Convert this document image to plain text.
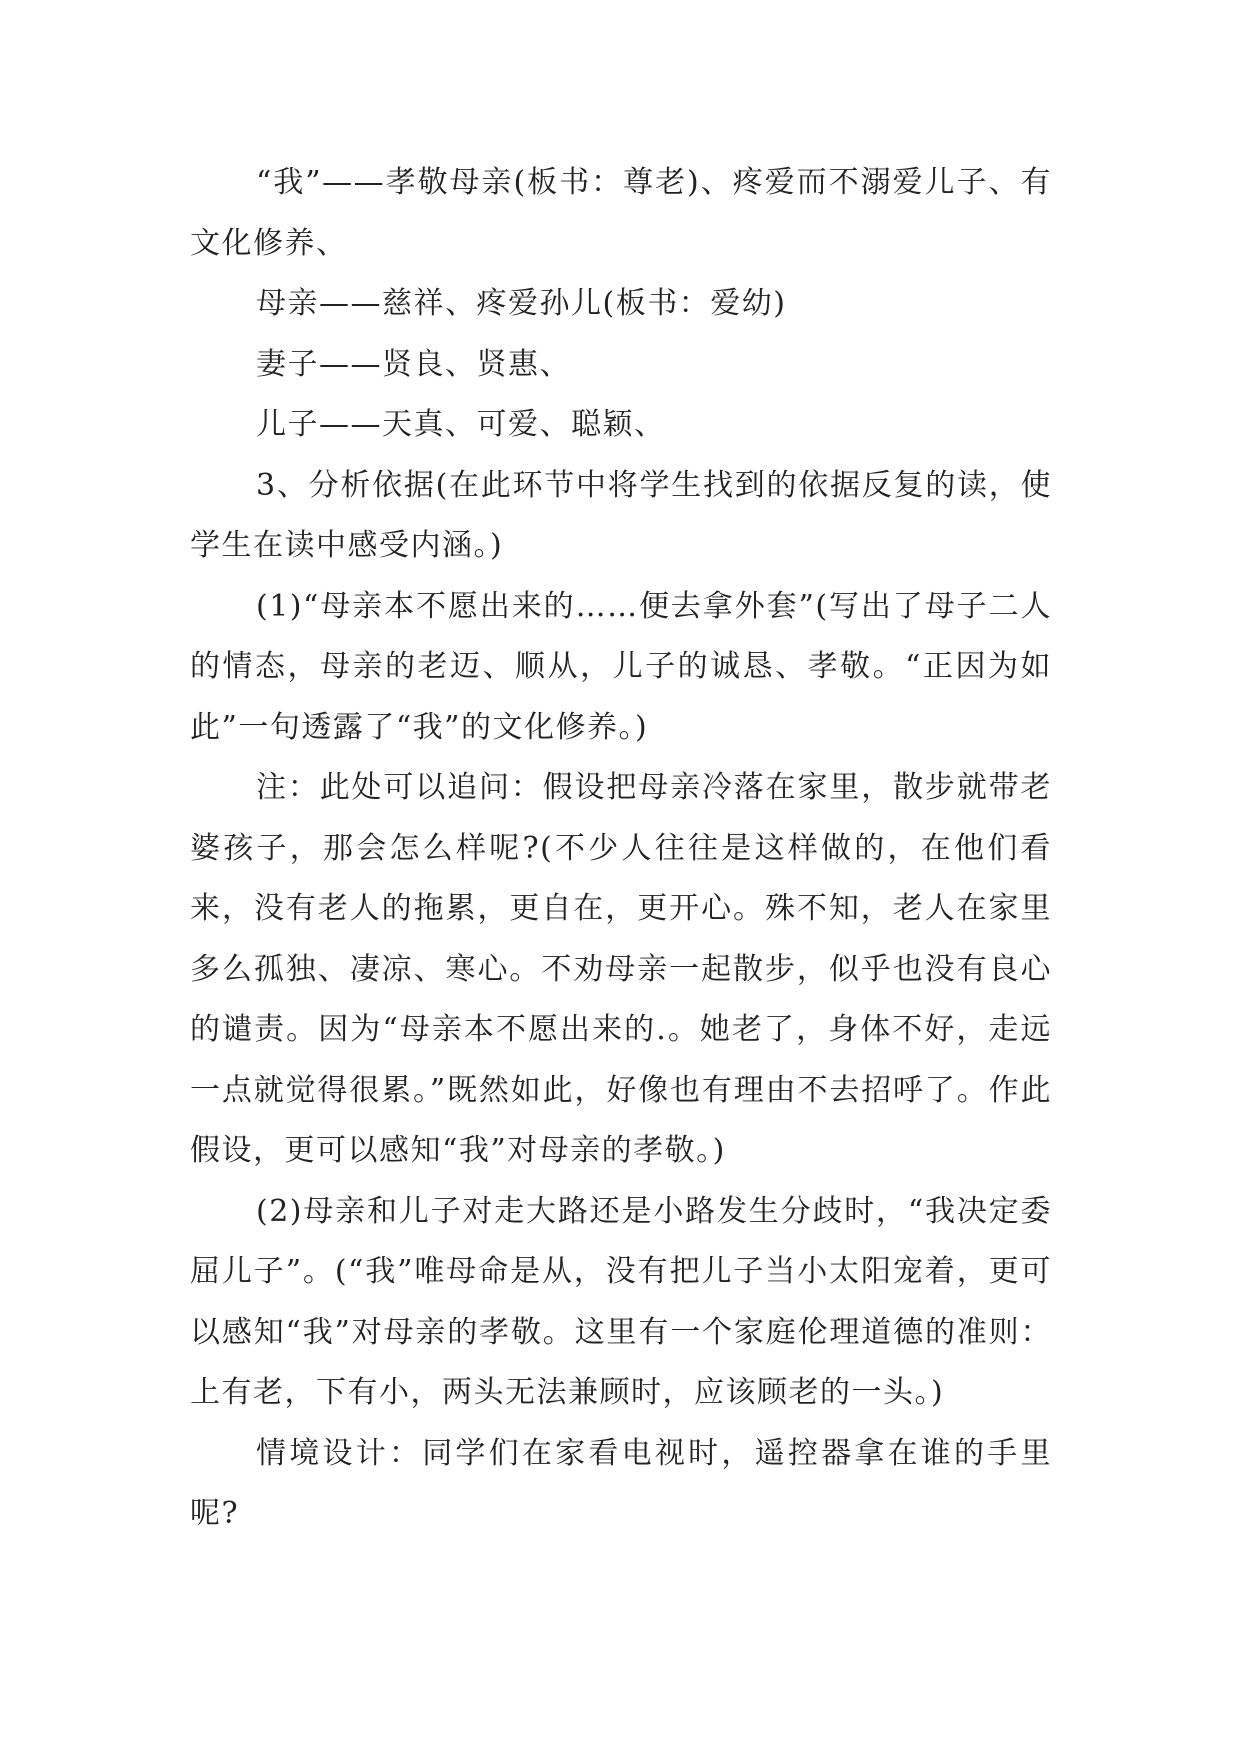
“我”——孝敬母亲(板书：尊老)、疼爱而不溺爱儿子、有文化修养、

母亲——慈祥、疼爱孙儿(板书：爱幼)

妻子——贤良、贤惠、

儿子——天真、可爱、聪颖、

3、分析依据(在此环节中将学生找到的依据反复的读，使学生在读中感受内涵。)

(1)“母亲本不愿出来的……便去拿外套”(写出了母子二人的情态，母亲的老迈、顺从，儿子的诚恳、孝敬。“正因为如此”一句透露了“我”的文化修养。)

注：此处可以追问：假设把母亲冷落在家里，散步就带老婆孩子，那会怎么样呢?(不少人往往是这样做的，在他们看来，没有老人的拖累，更自在，更开心。殊不知，老人在家里多么孤独、凄凉、寒心。不劝母亲一起散步，似乎也没有良心的谴责。因为“母亲本不愿出来的.。她老了，身体不好，走远一点就觉得很累。”既然如此，好像也有理由不去招呼了。作此假设，更可以感知“我”对母亲的孝敬。)

(2)母亲和儿子对走大路还是小路发生分歧时，“我决定委屈儿子”。(“我”唯母命是从，没有把儿子当小太阳宠着，更可以感知“我”对母亲的孝敬。这里有一个家庭伦理道德的准则：上有老，下有小，两头无法兼顾时，应该顾老的一头。)

情境设计：同学们在家看电视时，遥控器拿在谁的手里呢?
